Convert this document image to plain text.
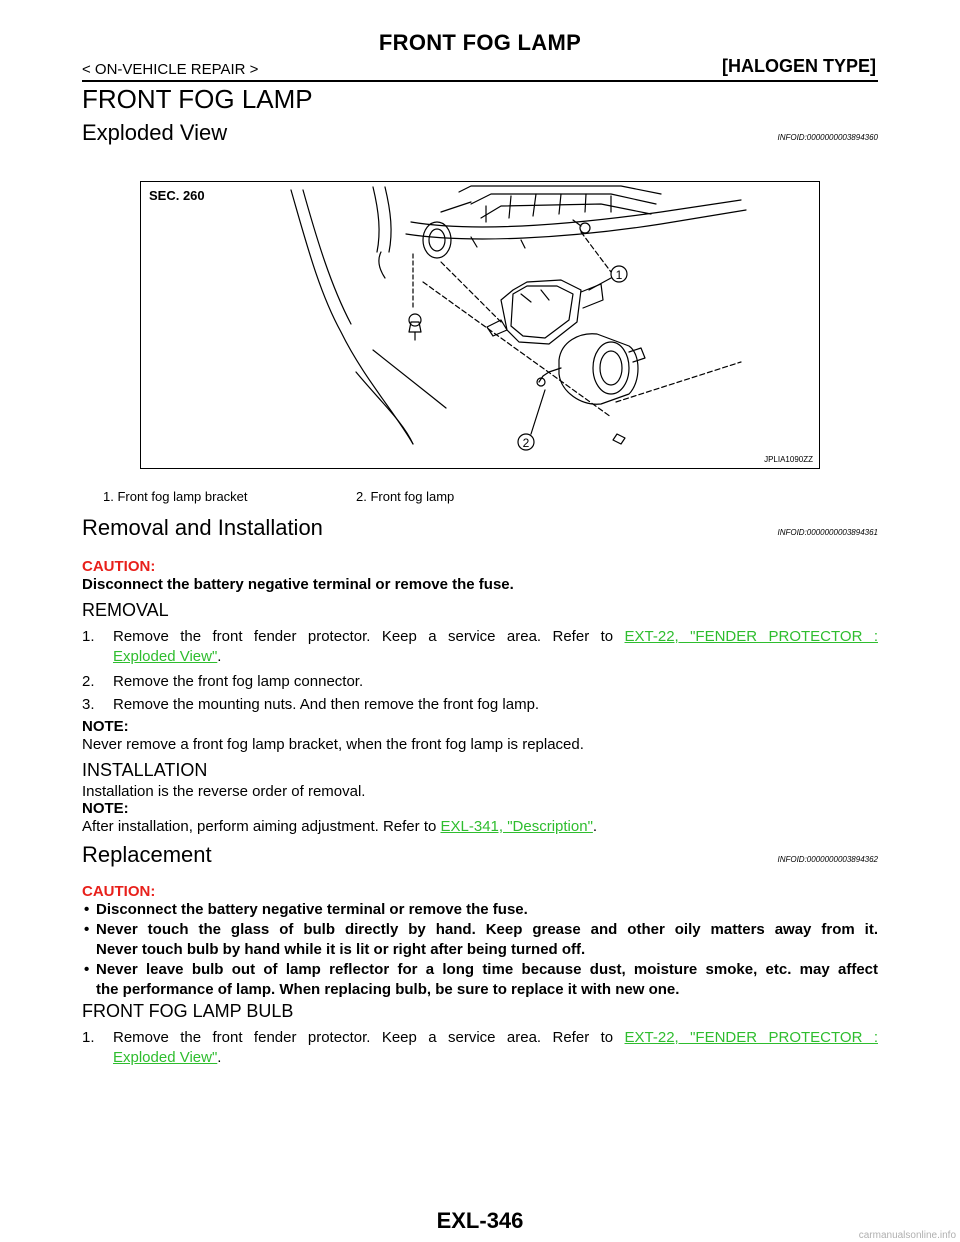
FRONT FOG LAMP
< ON-VEHICLE REPAIR >	[HALOGEN TYPE]
FRONT FOG LAMP
Exploded View	INFOID:0000000003894360
1
2
SEC. 260
JPLIA1090ZZ
1. Front fog lamp bracket	2. Front fog lamp
Removal and Installation	INFOID:0000000003894361
CAUTION:
Disconnect the battery negative terminal or remove the fuse.
REMOVAL
1. Remove the front fender protector. Keep a service area. Refer to EXT-22, "FENDER PROTECTOR :
Exploded View".
2. Remove the front fog lamp connector.
3. Remove the mounting nuts. And then remove the front fog lamp.
NOTE:
Never remove a front fog lamp bracket, when the front fog lamp is replaced.
INSTALLATION
Installation is the reverse order of removal.
NOTE:
After installation, perform aiming adjustment. Refer to EXL-341, "Description".
Replacement	INFOID:0000000003894362
CAUTION:
• Disconnect the battery negative terminal or remove the fuse.
• Never touch the glass of bulb directly by hand. Keep grease and other oily matters away from it.
Never touch bulb by hand while it is lit or right after being turned off.
• Never leave bulb out of lamp reflector for a long time because dust, moisture smoke, etc. may affect
the performance of lamp. When replacing bulb, be sure to replace it with new one.
FRONT FOG LAMP BULB
1. Remove the front fender protector. Keep a service area. Refer to EXT-22, "FENDER PROTECTOR :
Exploded View".
EXL-346
carmanualsonline.info
